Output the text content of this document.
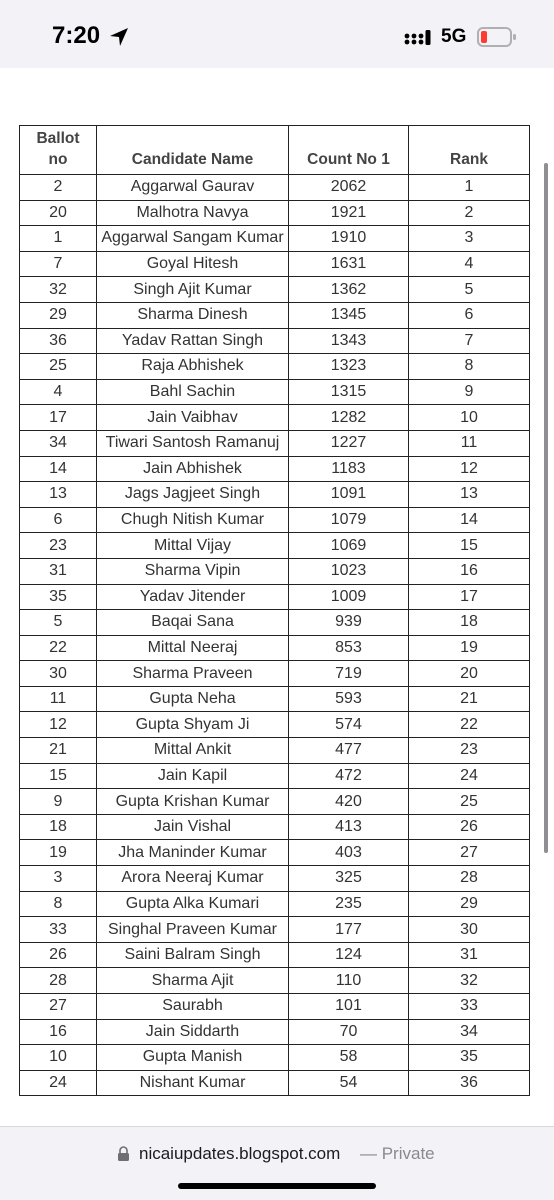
7:20	5G
Ballot
no	Candidate Name	Count No 1	Rank
2	Aggarwal Gaurav	2062	1
20	Malhotra Navya	1921	2
1	Aggarwal Sangam Kumar	1910	3
7	Goyal Hitesh	1631	4
32	Singh Ajit Kumar	1362	5
29	Sharma Dinesh	1345	6
36	Yadav Rattan Singh	1343	7
25	Raja Abhishek	1323	8
4	Bahl Sachin	1315	9
17	Jain Vaibhav	1282	10
34	Tiwari Santosh Ramanuj	1227	11
14	Jain Abhishek	1183	12
13	Jags Jagjeet Singh	1091	13
6	Chugh Nitish Kumar	1079	14
23	Mittal Vijay	1069	15
31	Sharma Vipin	1023	16
35	Yadav Jitender	1009	17
5	Baqai Sana	939	18
22	Mittal Neeraj	853	19
30	Sharma Praveen	719	20
11	Gupta Neha	593	21
12	Gupta Shyam Ji	574	22
21	Mittal Ankit	477	23
15	Jain Kapil	472	24
9	Gupta Krishan Kumar	420	25
18	Jain Vishal	413	26
19	Jha Maninder Kumar	403	27
3	Arora Neeraj Kumar	325	28
8	Gupta Alka Kumari	235	29
33	Singhal Praveen Kumar	177	30
26	Saini Balram Singh	124	31
28	Sharma Ajit	110	32
27	Saurabh	101	33
16	Jain Siddarth	70	34
10	Gupta Manish	58	35
24	Nishant Kumar	54	36
nicaiupdates.blogspot.com — Private
